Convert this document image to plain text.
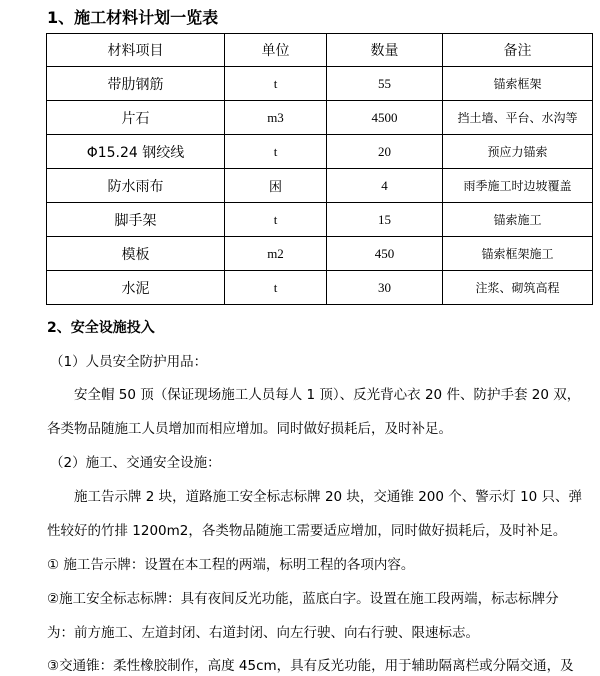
1、施工材料计划一览表
材料项目	单位	数量	备注
带肋钢筋	t	55	锚索框架
片石	m3	4500	挡土墙、平台、水沟等
Φ15.24 钢绞线	t	20	预应力锚索
防水雨布	困	4	雨季施工时边坡覆盖
脚手架	t	15	锚索施工
模板	m2	450	锚索框架施工
水泥	t	30	注浆、砌筑高程
2、安全设施投入
（1）人员安全防护用品：
安全帽 50 顶（保证现场施工人员每人 1 顶）、反光背心衣 20 件、防护手套 20 双，
各类物品随施工人员增加而相应增加。同时做好损耗后，及时补足。
（2）施工、交通安全设施：
施工告示牌 2 块，道路施工安全标志标牌 20 块，交通锥 200 个、警示灯 10 只、弹
性较好的竹排 1200m2，各类物品随施工需要适应增加，同时做好损耗后，及时补足。
① 施工告示牌：设置在本工程的两端，标明工程的各项内容。
②施工安全标志标牌：具有夜间反光功能，蓝底白字。设置在施工段两端，标志标牌分
为：前方施工、左道封闭、右道封闭、向左行驶、向右行驶、限速标志。
③交通锥：柔性橡胶制作，高度 45cm，具有反光功能，用于辅助隔离栏或分隔交通，及
